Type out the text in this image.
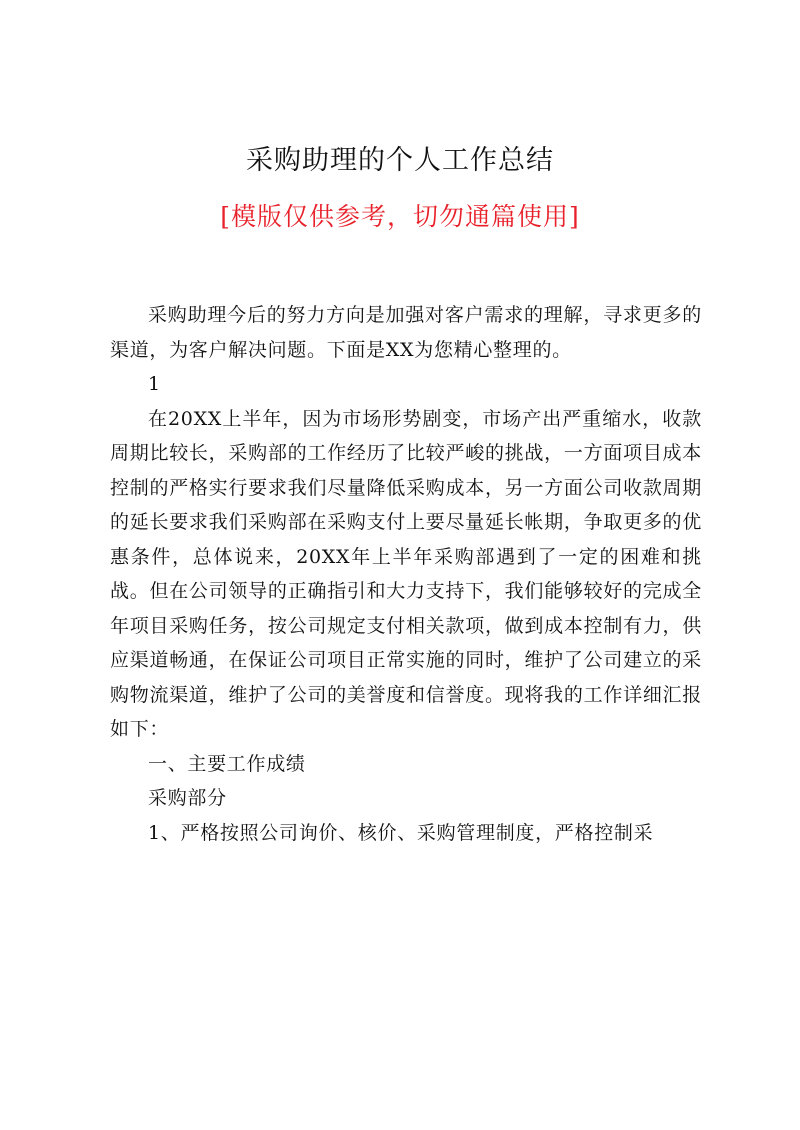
采购助理的个人工作总结
[模版仅供参考，切勿通篇使用]

采购助理今后的努力方向是加强对客户需求的理解，寻求更多的渠道，为客户解决问题。下面是XX为您精心整理的。

1

在20XX上半年，因为市场形势剧变，市场产出严重缩水，收款周期比较长，采购部的工作经历了比较严峻的挑战，一方面项目成本控制的严格实行要求我们尽量降低采购成本，另一方面公司收款周期的延长要求我们采购部在采购支付上要尽量延长帐期，争取更多的优惠条件，总体说来，20XX年上半年采购部遇到了一定的困难和挑战。但在公司领导的正确指引和大力支持下，我们能够较好的完成全年项目采购任务，按公司规定支付相关款项，做到成本控制有力，供应渠道畅通，在保证公司项目正常实施的同时，维护了公司建立的采购物流渠道，维护了公司的美誉度和信誉度。现将我的工作详细汇报如下：

一、主要工作成绩

采购部分

1、严格按照公司询价、核价、采购管理制度，严格控制采
